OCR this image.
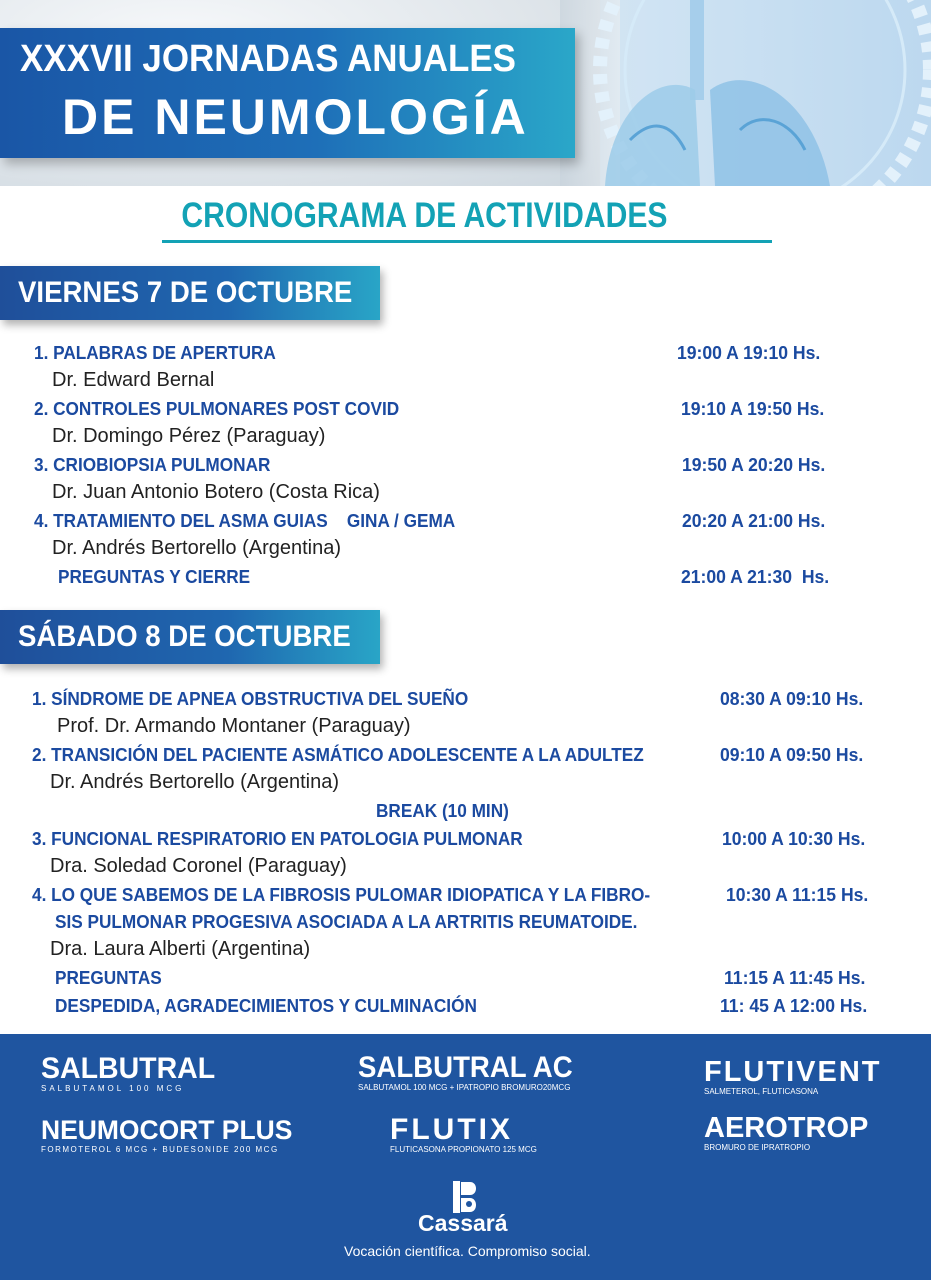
XXXVII JORNADAS ANUALES
DE NEUMOLOGÍA
CRONOGRAMA DE ACTIVIDADES
VIERNES 7 DE OCTUBRE
1. PALABRAS DE APERTURA	19:00 A 19:10 Hs.
Dr. Edward Bernal
2. CONTROLES PULMONARES POST COVID	19:10 A 19:50 Hs.
Dr. Domingo Pérez (Paraguay)
3. CRIOBIOPSIA PULMONAR	19:50 A 20:20 Hs.
Dr. Juan Antonio Botero (Costa Rica)
4. TRATAMIENTO DEL ASMA GUIAS    GINA / GEMA	20:20 A 21:00 Hs.
Dr. Andrés Bertorello (Argentina)
PREGUNTAS Y CIERRE	21:00 A 21:30  Hs.
SÁBADO 8 DE OCTUBRE
1. SÍNDROME DE APNEA OBSTRUCTIVA DEL SUEÑO	08:30 A 09:10 Hs.
Prof. Dr. Armando Montaner (Paraguay)
2. TRANSICIÓN DEL PACIENTE ASMÁTICO ADOLESCENTE A LA ADULTEZ	09:10 A 09:50 Hs.
Dr. Andrés Bertorello (Argentina)
BREAK (10 MIN)
3. FUNCIONAL RESPIRATORIO EN PATOLOGIA PULMONAR	10:00 A 10:30 Hs.
Dra. Soledad Coronel (Paraguay)
4. LO QUE SABEMOS DE LA FIBROSIS PULOMAR IDIOPATICA Y LA FIBRO-	10:30 A 11:15 Hs.
SIS PULMONAR PROGESIVA ASOCIADA A LA ARTRITIS REUMATOIDE.
Dra. Laura Alberti (Argentina)
PREGUNTAS	11:15 A 11:45 Hs.
DESPEDIDA, AGRADECIMIENTOS Y CULMINACIÓN	11: 45 A 12:00 Hs.
SALBUTRAL
SALBUTAMOL 100 MCG
SALBUTRAL AC
SALBUTAMOL 100 MCG + IPATROPIO BROMURO20MCG	FLUTIVENT
SALMETEROL, FLUTICASONA
NEUMOCORT PLUS
FORMOTEROL 6 MCG + BUDESONIDE 200 MCG
FLUTIX
FLUTICASONA PROPIONATO 125 MCG
AEROTROP
BROMURO DE IPRATROPIO
Cassará
Vocación científica. Compromiso social.
